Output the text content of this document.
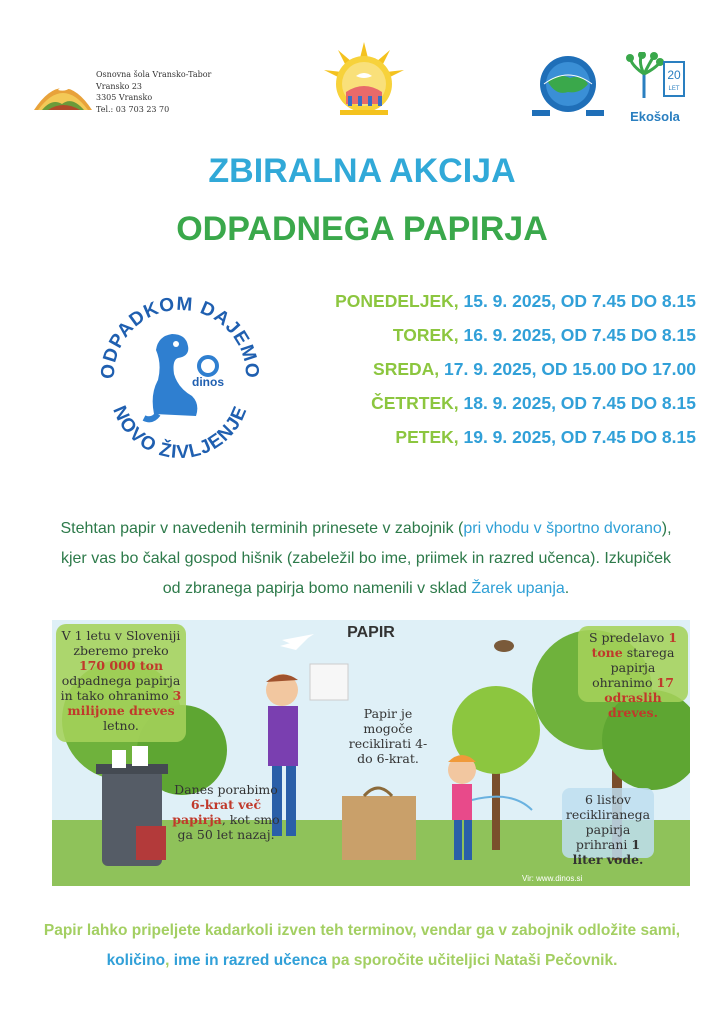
Osnovna šola Vransko-Tabor
Vransko 23
3305 Vransko
Tel.: 03 703 23 70
20
LET
Ekošola
ZBIRALNA AKCIJA
ODPADNEGA PAPIRJA
ODPADKOM DAJEMO
NOVO ŽIVLJENJE
dinos
PONEDELJEK, 15. 9. 2025, OD 7.45 DO 8.15
TOREK, 16. 9. 2025, OD 7.45 DO 8.15
SREDA, 17. 9. 2025, OD 15.00 DO 17.00
ČETRTEK, 18. 9. 2025, OD 7.45 DO 8.15
PETEK, 19. 9. 2025, OD 7.45 DO 8.15
Stehtan papir v navedenih terminih prinesete v zabojnik (pri vhodu v športno dvorano), kjer vas bo čakal gospod hišnik (zabeležil bo ime, priimek in razred učenca). Izkupiček od zbranega papirja bomo namenili v sklad Žarek upanja.
PAPIR
V 1 letu v Sloveniji zberemo preko 170 000 ton odpadnega papirja in tako ohranimo 3 milijone dreves letno.
Danes porabimo 6-krat več papirja, kot smo ga 50 let nazaj.
S predelavo 1 tone starega papirja ohranimo 17 odraslih dreves.
Papir je mogoče reciklirati 4- do 6-krat.
6 listov recikliranega papirja prihrani 1 liter vode.
Vir: www.dinos.si
Papir lahko pripeljete kadarkoli izven teh terminov, vendar ga v zabojnik odložite sami, količino, ime in razred učenca pa sporočite učiteljici Nataši Pečovnik.
